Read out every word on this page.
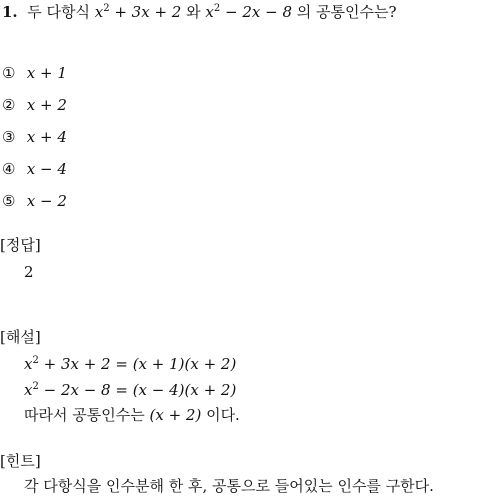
1. 두 다항식 $x^2 + 3x + 2$ 와 $x^2 - 2x - 8$ 의 공통인수는?
① x + 1
② x + 2
③ x + 4
④ x − 4
⑤ x − 2
[정답]
2
[해설]
$x^2 + 3x + 2 = (x + 1)(x + 2)$
$x^2 - 2x - 8 = (x - 4)(x + 2)$
따라서 공통인수는 (x + 2) 이다.
[힌트]
각 다항식을 인수분해 한 후, 공통으로 들어있는 인수를 구한다.
